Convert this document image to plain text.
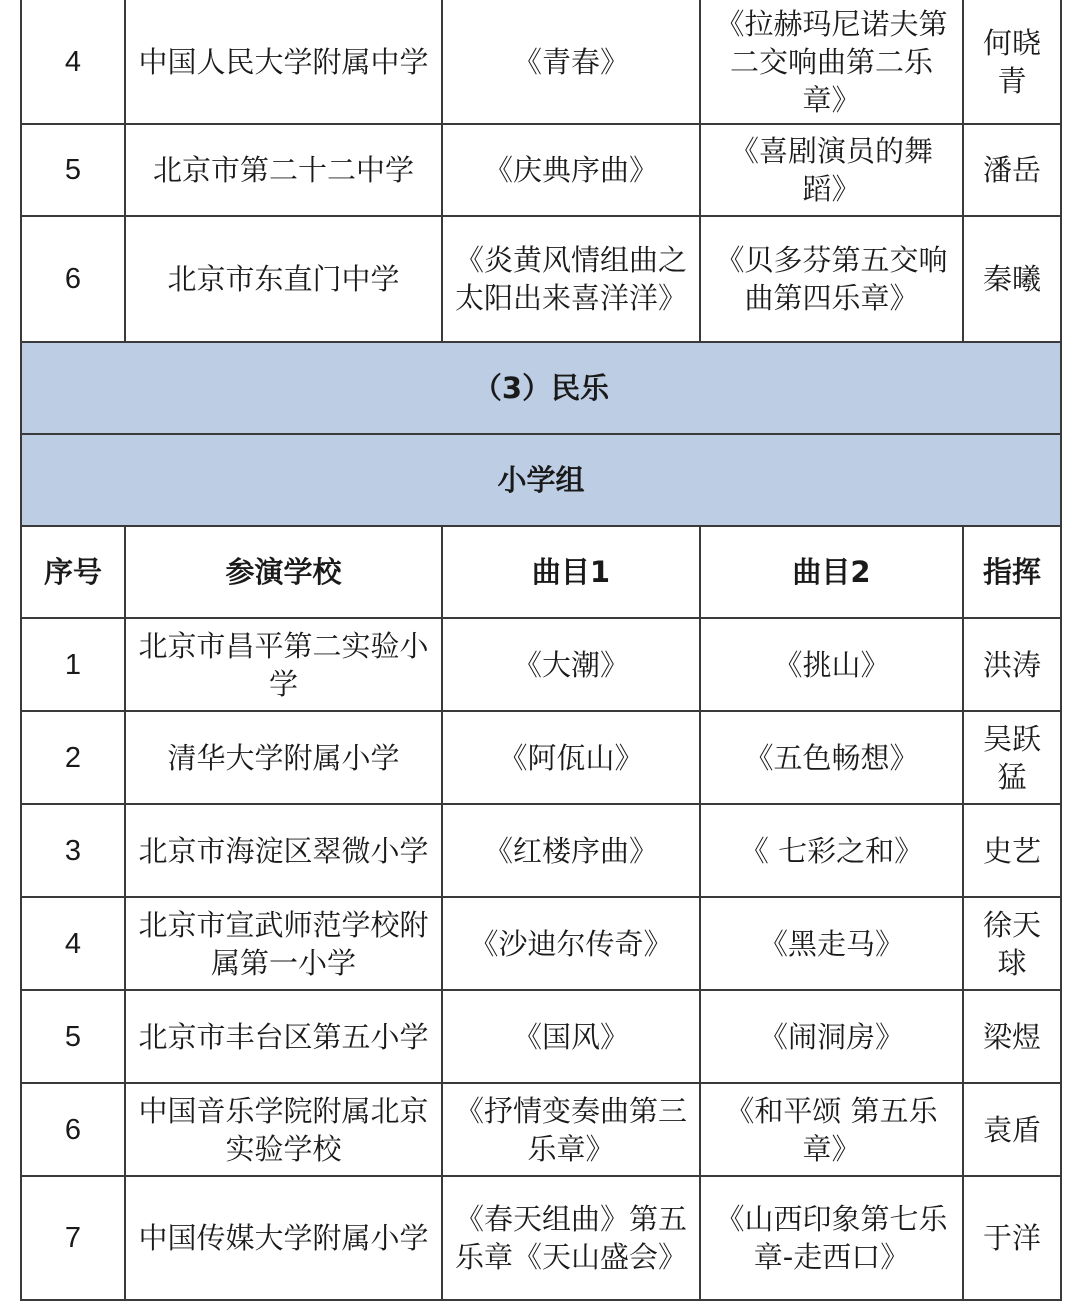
4	中国人民大学附属中学	《青春》	《拉赫玛尼诺夫第二交响曲第二乐章》	何晓青
5	北京市第二十二中学	《庆典序曲》	《喜剧演员的舞蹈》	潘岳
6	北京市东直门中学	《炎黄风情组曲之太阳出来喜洋洋》	《贝多芬第五交响曲第四乐章》	秦曦
（3）民乐				
小学组				
序号	参演学校	曲目1	曲目2	指挥
1	北京市昌平第二实验小学	《大潮》	《挑山》	洪涛
2	清华大学附属小学	《阿佤山》	《五色畅想》	吴跃猛
3	北京市海淀区翠微小学	《红楼序曲》	《 七彩之和》	史艺
4	北京市宣武师范学校附属第一小学	《沙迪尔传奇》	《黑走马》	徐天球
5	北京市丰台区第五小学	《国风》	《闹洞房》	梁煜
6	中国音乐学院附属北京实验学校	《抒情变奏曲第三乐章》	《和平颂 第五乐章》	袁盾
7	中国传媒大学附属小学	《春天组曲》第五乐章《天山盛会》	《山西印象第七乐章-走西口》	于洋
